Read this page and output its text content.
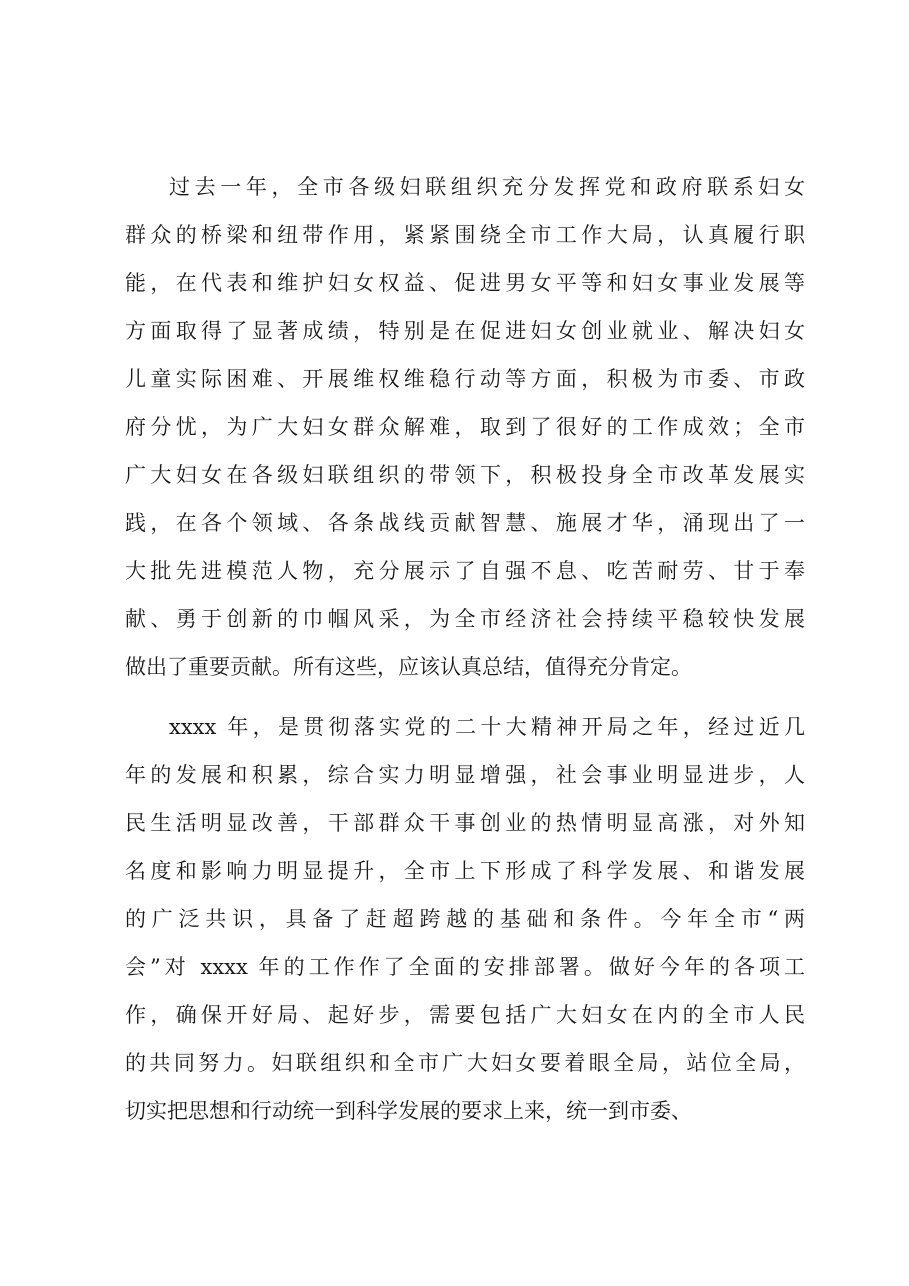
过去一年，全市各级妇联组织充分发挥党和政府联系妇女
群众的桥梁和纽带作用，紧紧围绕全市工作大局，认真履行职
能，在代表和维护妇女权益、促进男女平等和妇女事业发展等
方面取得了显著成绩，特别是在促进妇女创业就业、解决妇女
儿童实际困难、开展维权维稳行动等方面，积极为市委、市政
府分忧，为广大妇女群众解难，取到了很好的工作成效；全市
广大妇女在各级妇联组织的带领下，积极投身全市改革发展实
践，在各个领域、各条战线贡献智慧、施展才华，涌现出了一
大批先进模范人物，充分展示了自强不息、吃苦耐劳、甘于奉
献、勇于创新的巾帼风采，为全市经济社会持续平稳较快发展
做出了重要贡献。所有这些，应该认真总结，值得充分肯定。
xxxx 年，是贯彻落实党的二十大精神开局之年，经过近几
年的发展和积累，综合实力明显增强，社会事业明显进步，人
民生活明显改善，干部群众干事创业的热情明显高涨，对外知
名度和影响力明显提升，全市上下形成了科学发展、和谐发展
的广泛共识，具备了赶超跨越的基础和条件。今年全市“两
会”对 xxxx 年的工作作了全面的安排部署。做好今年的各项工
作，确保开好局、起好步，需要包括广大妇女在内的全市人民
的共同努力。妇联组织和全市广大妇女要着眼全局，站位全局，
切实把思想和行动统一到科学发展的要求上来，统一到市委、
